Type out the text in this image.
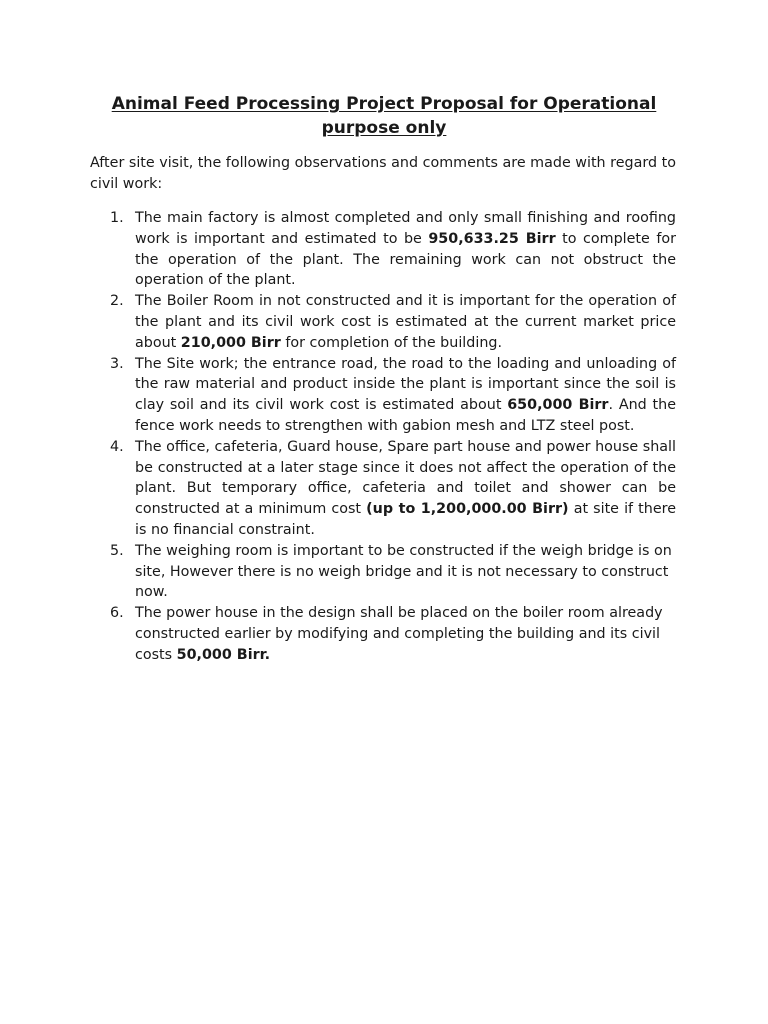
Animal Feed Processing Project Proposal for Operational purpose only

After site visit, the following observations and comments are made with regard to civil work:

1. The main factory is almost completed and only small finishing and roofing work is important and estimated to be 950,633.25 Birr to complete for the operation of the plant. The remaining work can not obstruct the operation of the plant.

2. The Boiler Room in not constructed and it is important for the operation of the plant and its civil work cost is estimated at the current market price about 210,000 Birr for completion of the building.

3. The Site work; the entrance road, the road to the loading and unloading of the raw material and product inside the plant is important since the soil is clay soil and its civil work cost is estimated about 650,000 Birr. And the fence work needs to strengthen with gabion mesh and LTZ steel post.

4. The office, cafeteria, Guard house, Spare part house and power house shall be constructed at a later stage since it does not affect the operation of the plant. But temporary office, cafeteria and toilet and shower can be constructed at a minimum cost (up to 1,200,000.00 Birr) at site if there is no financial constraint.

5. The weighing room is important to be constructed if the weigh bridge is on site, However there is no weigh bridge and it is not necessary to construct now.

6. The power house in the design shall be placed on the boiler room already constructed earlier by modifying and completing the building and its civil costs 50,000 Birr.
